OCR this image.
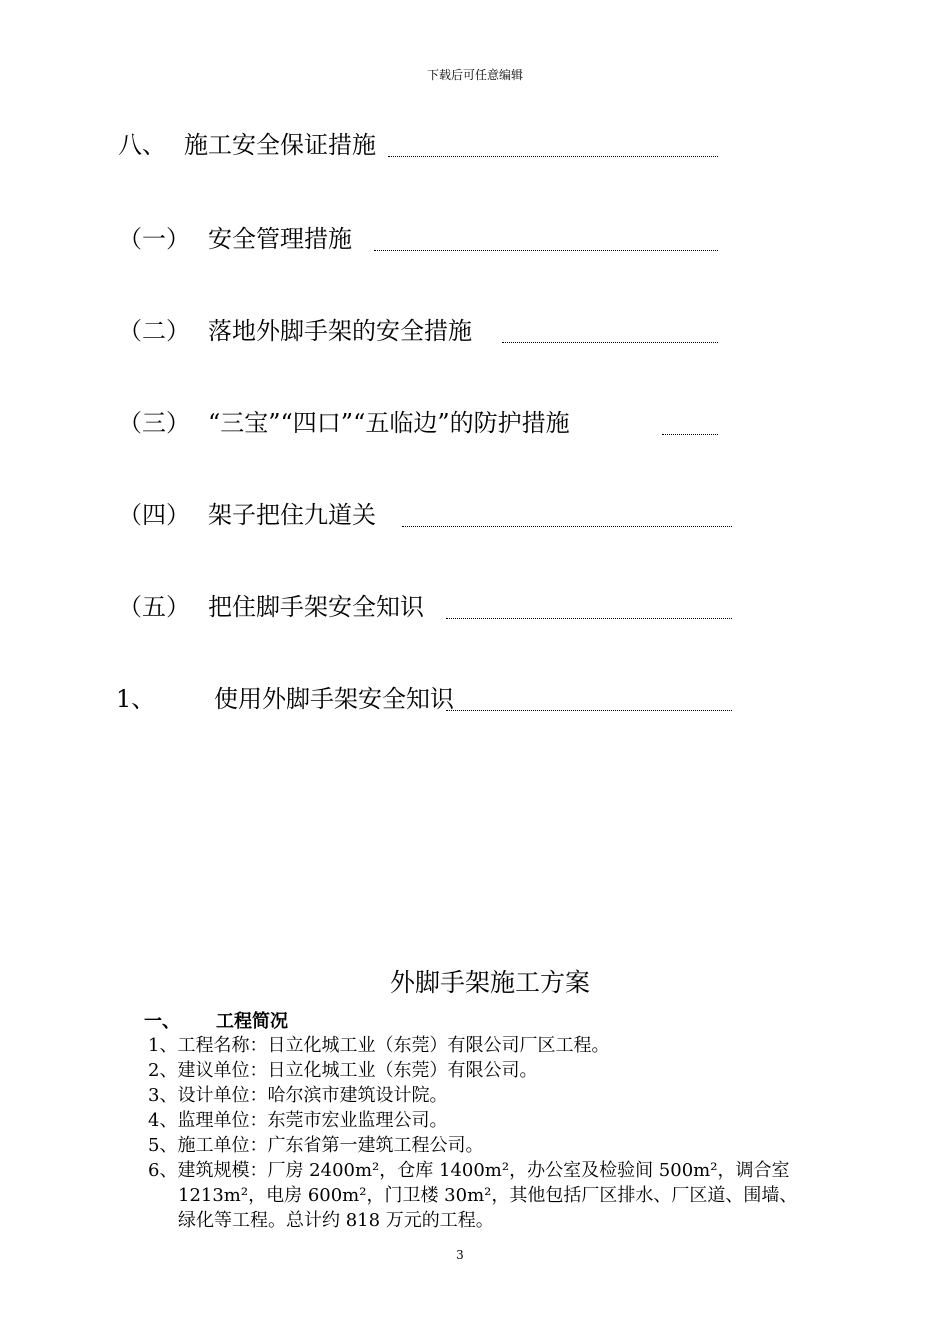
下载后可任意编辑
八、 施工安全保证措施
（一） 安全管理措施
（二） 落地外脚手架的安全措施
（三） “三宝”“四口”“五临边”的防护措施
（四） 架子把住九道关
（五） 把住脚手架安全知识
1、 使用外脚手架安全知识
外脚手架施工方案
一、 工程简况
1、工程名称：日立化城工业（东莞）有限公司厂区工程。
2、建议单位：日立化城工业（东莞）有限公司。
3、设计单位：哈尔滨市建筑设计院。
4、监理单位：东莞市宏业监理公司。
5、施工单位：广东省第一建筑工程公司。
6、建筑规模：厂房 2400m²，仓库 1400m²，办公室及检验间 500m²，调合室
1213m²，电房 600m²，门卫楼 30m²，其他包括厂区排水、厂区道、围墙、
绿化等工程。总计约 818 万元的工程。
3
